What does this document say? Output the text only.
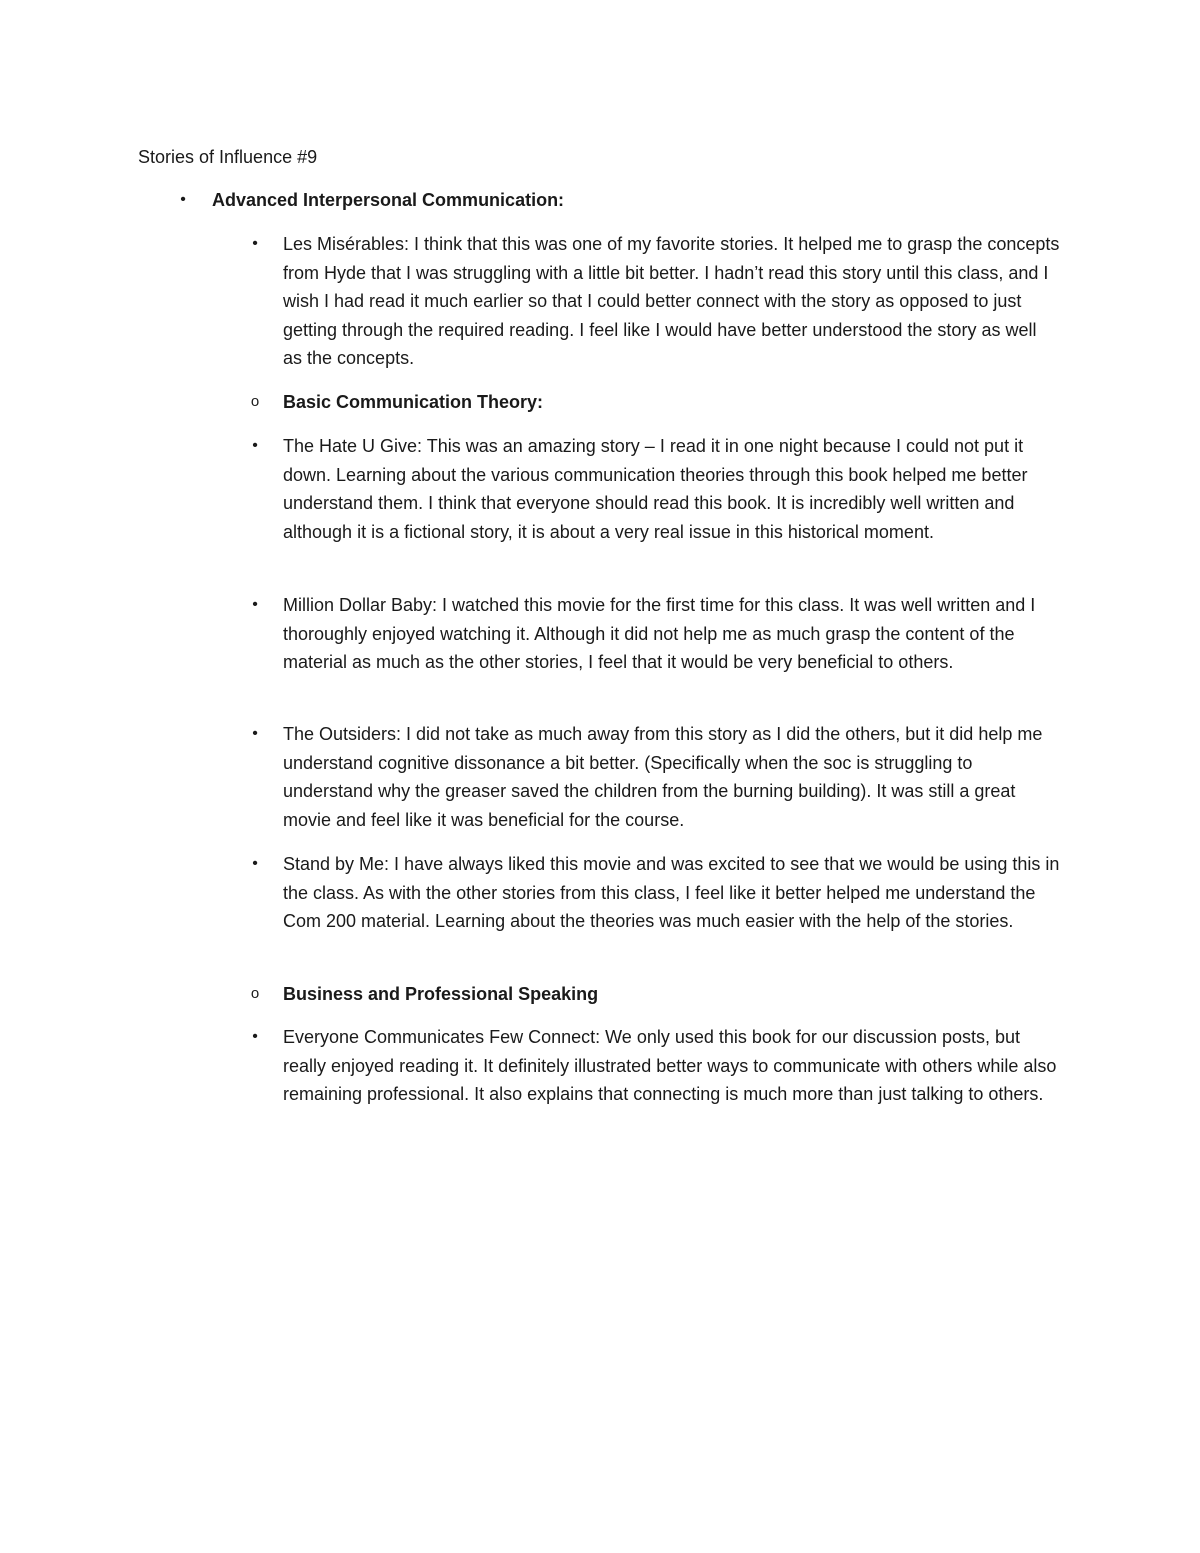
Stories of Influence #9
•	Advanced Interpersonal Communication:
•	Les Misérables: I think that this was one of my favorite stories. It helped me to grasp the concepts from Hyde that I was struggling with a little bit better. I hadn’t read this story until this class, and I wish I had read it much earlier so that I could better connect with the story as opposed to just getting through the required reading. I feel like I would have better understood the story as well as the concepts.
o	Basic Communication Theory:
•	The Hate U Give: This was an amazing story – I read it in one night because I could not put it down. Learning about the various communication theories through this book helped me better understand them. I think that everyone should read this book. It is incredibly well written and although it is a fictional story, it is about a very real issue in this historical moment.
•	Million Dollar Baby: I watched this movie for the first time for this class. It was well written and I thoroughly enjoyed watching it. Although it did not help me as much grasp the content of the material as much as the other stories, I feel that it would be very beneficial to others.
•	The Outsiders: I did not take as much away from this story as I did the others, but it did help me understand cognitive dissonance a bit better. (Specifically when the soc is struggling to understand why the greaser saved the children from the burning building). It was still a great movie and feel like it was beneficial for the course.
•	Stand by Me: I have always liked this movie and was excited to see that we would be using this in the class. As with the other stories from this class, I feel like it better helped me understand the Com 200 material. Learning about the theories was much easier with the help of the stories.
o	Business and Professional Speaking
•	Everyone Communicates Few Connect: We only used this book for our discussion posts, but really enjoyed reading it. It definitely illustrated better ways to communicate with others while also remaining professional. It also explains that connecting is much more than just talking to others.
